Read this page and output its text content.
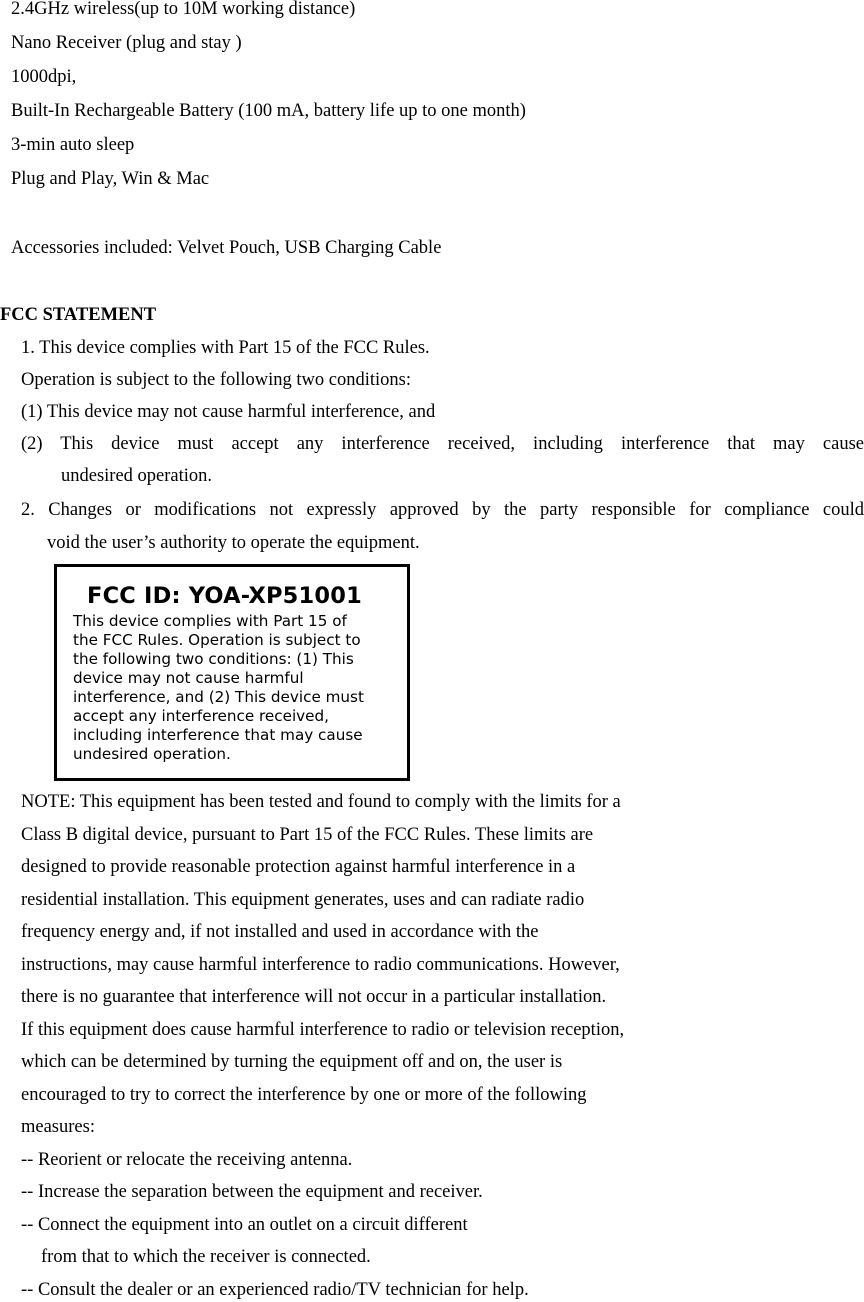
2.4GHz wireless(up to 10M working distance)
Nano Receiver (plug and stay )
1000dpi,
Built-In Rechargeable Battery (100 mA, battery life up to one month)
3-min auto sleep
Plug and Play, Win & Mac
Accessories included: Velvet Pouch, USB Charging Cable
FCC STATEMENT
1. This device complies with Part 15 of the FCC Rules.
Operation is subject to the following two conditions:
(1) This device may not cause harmful interference, and
(2) This device must accept any interference received, including interference that may cause
undesired operation.
2. Changes or modifications not expressly approved by the party responsible for compliance could
void the user’s authority to operate the equipment.
FCC ID: YOA-XP51001
This device complies with Part 15 of
the FCC Rules. Operation is subject to
the following two conditions: (1) This
device may not cause harmful
interference, and (2) This device must
accept any interference received,
including interference that may cause
undesired operation.
NOTE: This equipment has been tested and found to comply with the limits for a
Class B digital device, pursuant to Part 15 of the FCC Rules. These limits are
designed to provide reasonable protection against harmful interference in a
residential installation. This equipment generates, uses and can radiate radio
frequency energy and, if not installed and used in accordance with the
instructions, may cause harmful interference to radio communications. However,
there is no guarantee that interference will not occur in a particular installation.
If this equipment does cause harmful interference to radio or television reception,
which can be determined by turning the equipment off and on, the user is
encouraged to try to correct the interference by one or more of the following
measures:
-- Reorient or relocate the receiving antenna.
-- Increase the separation between the equipment and receiver.
-- Connect the equipment into an outlet on a circuit different
from that to which the receiver is connected.
-- Consult the dealer or an experienced radio/TV technician for help.
